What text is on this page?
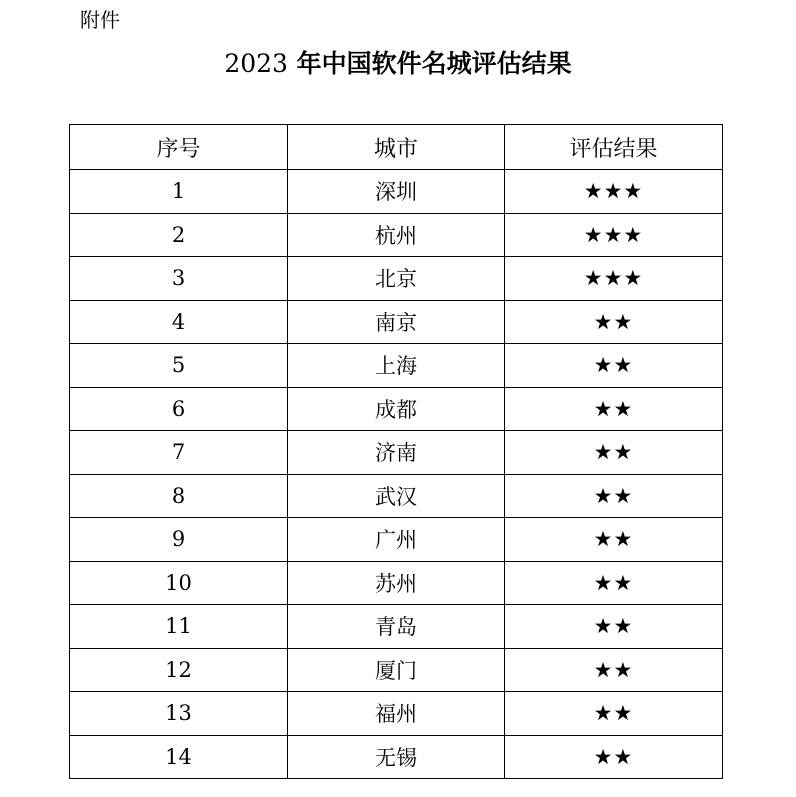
附件
2023 年中国软件名城评估结果
序号	城市	评估结果
1	深圳	★★★
2	杭州	★★★
3	北京	★★★
4	南京	★★
5	上海	★★
6	成都	★★
7	济南	★★
8	武汉	★★
9	广州	★★
10	苏州	★★
11	青岛	★★
12	厦门	★★
13	福州	★★
14	无锡	★★
